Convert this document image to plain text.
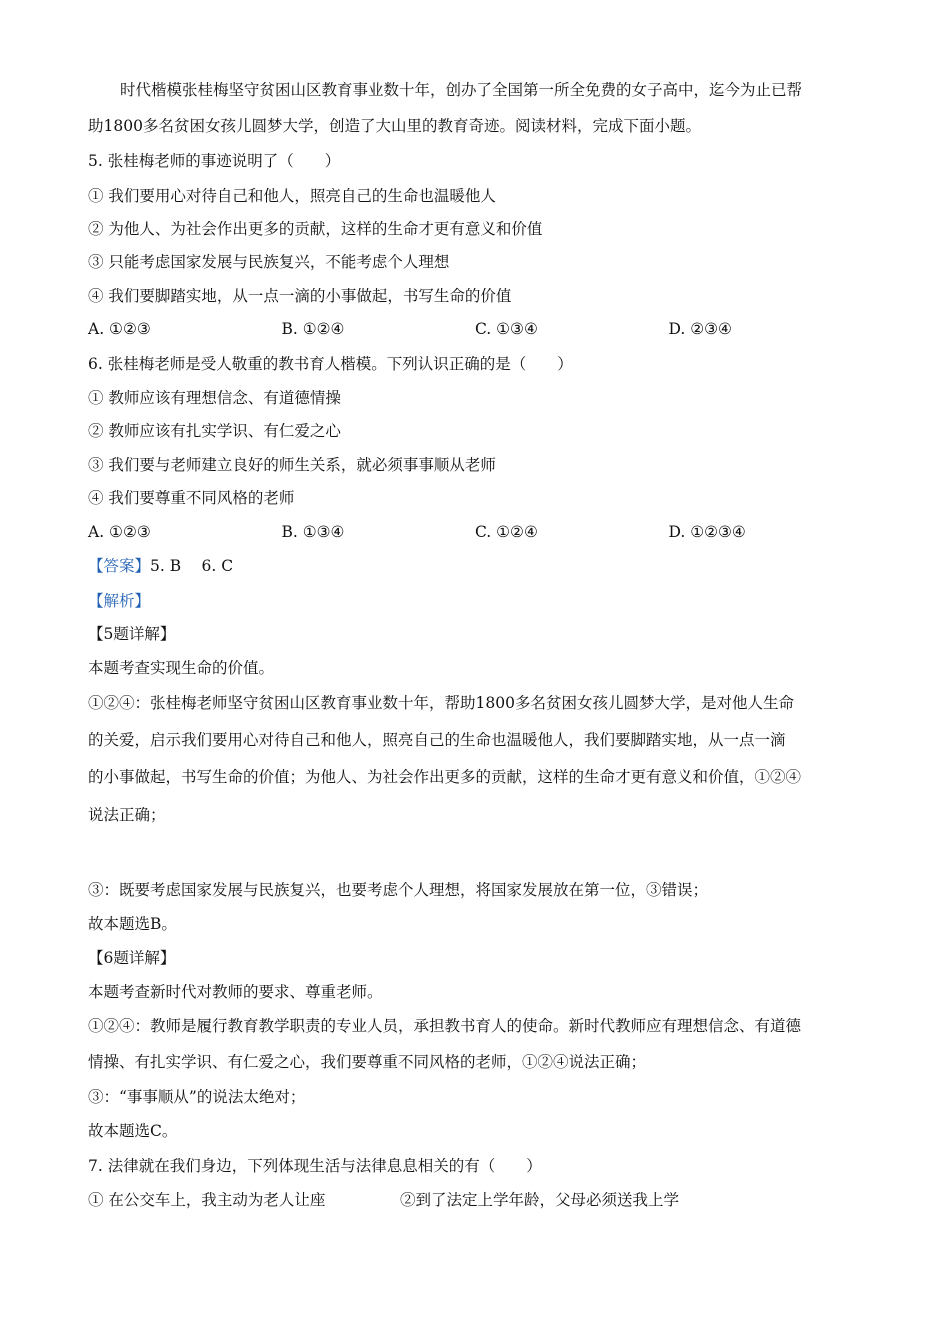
时代楷模张桂梅坚守贫困山区教育事业数十年，创办了全国第一所全免费的女子高中，迄今为止已帮
助1800多名贫困女孩儿圆梦大学，创造了大山里的教育奇迹。阅读材料，完成下面小题。
5. 张桂梅老师的事迹说明了（　　）
① 我们要用心对待自己和他人，照亮自己的生命也温暖他人
② 为他人、为社会作出更多的贡献，这样的生命才更有意义和价值
③ 只能考虑国家发展与民族复兴，不能考虑个人理想
④ 我们要脚踏实地，从一点一滴的小事做起，书写生命的价值
A. ①②③	B. ①②④	C. ①③④	D. ②③④
6. 张桂梅老师是受人敬重的教书育人楷模。下列认识正确的是（　　）
① 教师应该有理想信念、有道德情操
② 教师应该有扎实学识、有仁爱之心
③ 我们要与老师建立良好的师生关系，就必须事事顺从老师
④ 我们要尊重不同风格的老师
A. ①②③	B. ①③④	C. ①②④	D. ①②③④
【答案】5. B　 6. C
【解析】
【5题详解】
本题考查实现生命的价值。
①②④：张桂梅老师坚守贫困山区教育事业数十年，帮助1800多名贫困女孩儿圆梦大学，是对他人生命
的关爱，启示我们要用心对待自己和他人，照亮自己的生命也温暖他人，我们要脚踏实地，从一点一滴
的小事做起，书写生命的价值；为他人、为社会作出更多的贡献，这样的生命才更有意义和价值，①②④
说法正确；
③：既要考虑国家发展与民族复兴，也要考虑个人理想，将国家发展放在第一位，③错误；
故本题选B。
【6题详解】
本题考查新时代对教师的要求、尊重老师。
①②④：教师是履行教育教学职责的专业人员，承担教书育人的使命。新时代教师应有理想信念、有道德
情操、有扎实学识、有仁爱之心，我们要尊重不同风格的老师，①②④说法正确；
③：“事事顺从”的说法太绝对；
故本题选C。
7. 法律就在我们身边，下列体现生活与法律息息相关的有（　　）
① 在公交车上，我主动为老人让座	②到了法定上学年龄，父母必须送我上学
